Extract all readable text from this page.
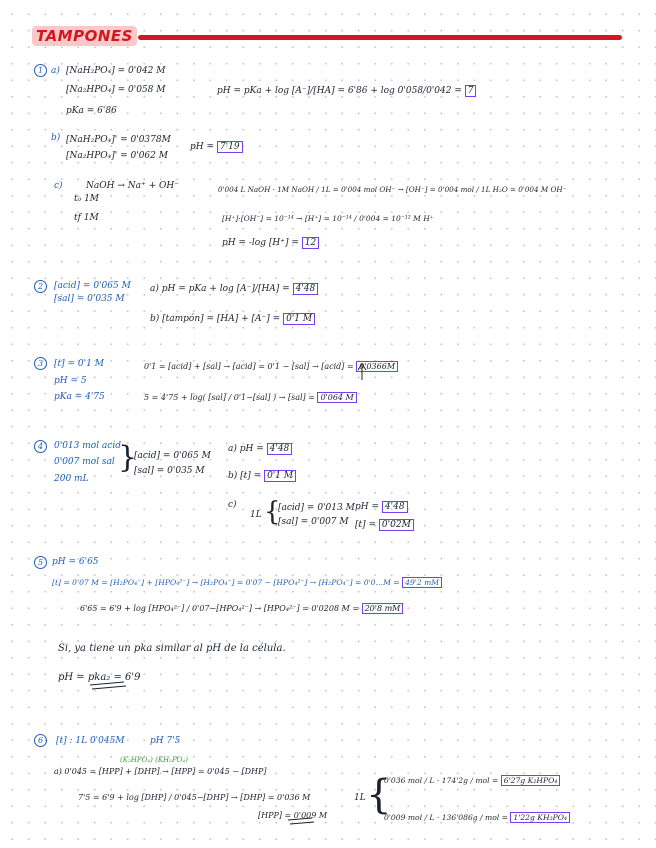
TAMPONES
1 a) [NaH₂PO₄] = 0'042 M
[Na₂HPO₄] = 0'058 M
pKa = 6'86
pH = pKa + log [A⁻]/[HA] = 6'86 + log 0'058/0'042 = 7
b) [NaH₂PO₄]' = 0'0378M
[Na₂HPO₄]' = 0'062 M
pH = 7'19
c)	NaOH → Na⁺ + OH⁻
t₀ 1M
tf 1M
0'004 L NaOH · 1M NaOH / 1L = 0'004 mol OH⁻ → [OH⁻] = 0'004 mol / 1L H₂O = 0'004 M OH⁻
[H⁺]·[OH⁻] = 10⁻¹⁴ → [H⁺] = 10⁻¹⁴ / 0'004 = 10⁻¹² M H⁺
pH = -log [H⁺] = 12
2	[acid] = 0'065 M
[sal] = 0'035 M
a) pH = pKa + log [A⁻]/[HA] = 4'48
b) [tampón] = [HA] + [A⁻] = 0'1 M
3	[t] = 0'1 M
pH = 5
pKa = 4'75
0'1 = [acid] + [sal] → [acid] = 0'1 − [sal] → [acid] = 0'0366M
5 = 4'75 + log( [sal] / 0'1−[sal] ) → [sal] = 0'064 M
4	0'013 mol acid
0'007 mol sal
200 mL
}
[acid] = 0'065 M
[sal] = 0'035 M
a) pH = 4'48
b) [t] = 0'1 M
c)
1L {
[acid] = 0'013 M
[sal] = 0'007 M
pH = 4'48
[t] = 0'02M
5 pH = 6'65
[t] = 0'07 M = [H₂PO₄⁻] + [HPO₄²⁻] → [H₂PO₄⁻] = 0'07 − [HPO₄²⁻] → [H₂PO₄⁻] = 0'0…M = 49'2 mM
6'65 = 6'9 + log [HPO₄²⁻] / 0'07−[HPO₄²⁻] → [HPO₄²⁻] = 0'0208 M = 20'8 mM
Si, ya tiene un pka similar al pH de la célula.
pH = pka₂ = 6'9
6	[t] : 1L 0'045M	pH 7'5
(K₂HPO₄) (KH₂PO₄)
a) 0'045 = [HPP] + [DHP] → [HPP] = 0'045 − [DHP]
7'5 = 6'9 + log [DHP] / 0'045−[DHP] → [DHP] = 0'036 M
[HPP] = 0'009 M
1L {
0'036 mol / L · 174'2g / mol = 6'27g K₂HPO₄
0'009 mol / L · 136'086g / mol = 1'22g KH₂PO₄
